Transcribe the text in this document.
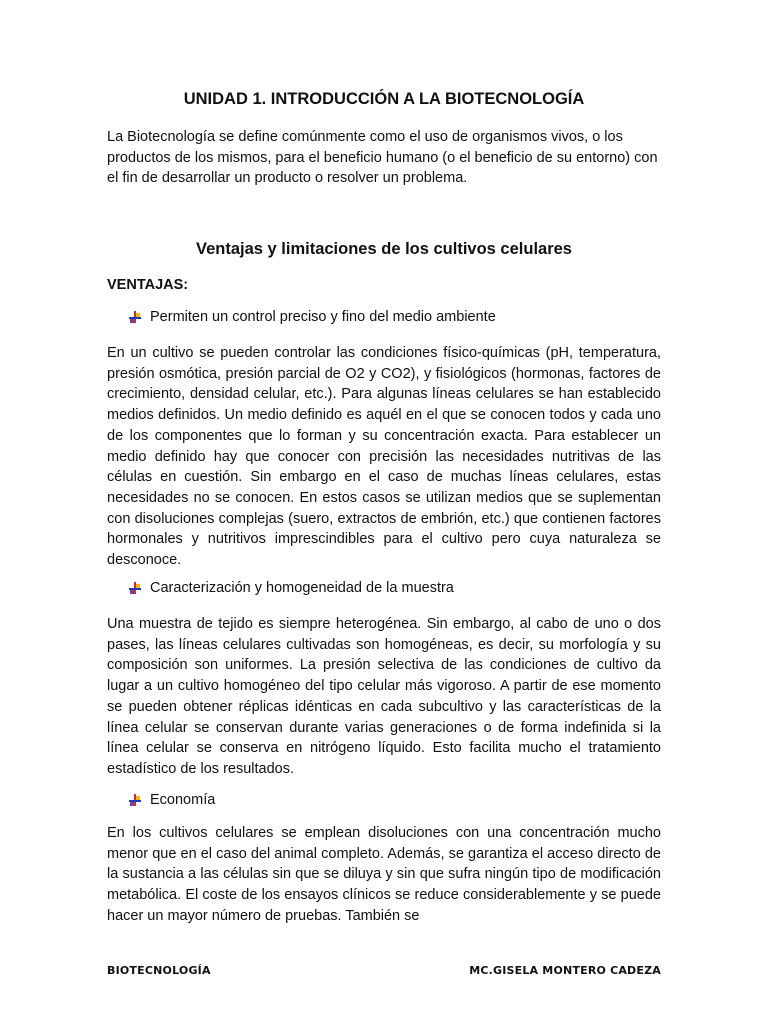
UNIDAD 1. INTRODUCCIÓN A LA BIOTECNOLOGÍA

La Biotecnología se define comúnmente como el uso de organismos vivos, o los productos de los mismos, para el beneficio humano (o el beneficio de su entorno) con el fin de desarrollar un producto o resolver un problema.

Ventajas y limitaciones de los cultivos celulares
VENTAJAS:
Permiten un control preciso y fino del medio ambiente

En un cultivo se pueden controlar las condiciones físico-químicas (pH, temperatura, presión osmótica, presión parcial de O2 y CO2), y fisiológicos (hormonas, factores de crecimiento, densidad celular, etc.). Para algunas líneas celulares se han establecido medios definidos. Un medio definido es aquél en el que se conocen todos y cada uno de los componentes que lo forman y su concentración exacta. Para establecer un medio definido hay que conocer con precisión las necesidades nutritivas de las células en cuestión. Sin embargo en el caso de muchas líneas celulares, estas necesidades no se conocen. En estos casos se utilizan medios que se suplementan con disoluciones complejas (suero, extractos de embrión, etc.) que contienen factores hormonales y nutritivos imprescindibles para el cultivo pero cuya naturaleza se desconoce.

Caracterización y homogeneidad de la muestra

Una muestra de tejido es siempre heterogénea. Sin embargo, al cabo de uno o dos pases, las líneas celulares cultivadas son homogéneas, es decir, su morfología y su composición son uniformes. La presión selectiva de las condiciones de cultivo da lugar a un cultivo homogéneo del tipo celular más vigoroso. A partir de ese momento se pueden obtener réplicas idénticas en cada subcultivo y las características de la línea celular se conservan durante varias generaciones o de forma indefinida si la línea celular se conserva en nitrógeno líquido. Esto facilita mucho el tratamiento estadístico de los resultados.

Economía

En los cultivos celulares se emplean disoluciones con una concentración mucho menor que en el caso del animal completo. Además, se garantiza el acceso directo de la sustancia a las células sin que se diluya y sin que sufra ningún tipo de modificación metabólica. El coste de los ensayos clínicos se reduce considerablemente y se puede hacer un mayor número de pruebas. También se

BIOTECNOLOGÍA	MC.GISELA MONTERO CADEZA
